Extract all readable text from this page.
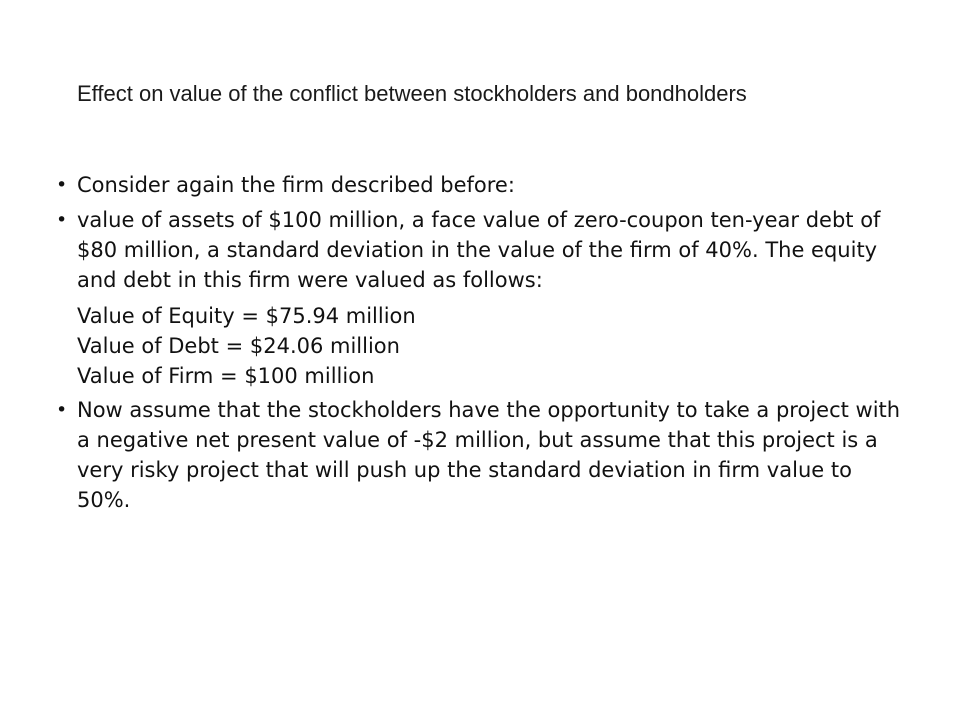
Effect on value of the conflict between stockholders and bondholders
• Consider again the firm described before:
• value of assets of $100 million, a face value of zero-coupon ten-year debt of $80 million, a standard deviation in the value of the firm of 40%. The equity and debt in this firm were valued as follows:
Value of Equity = $75.94 million
Value of Debt = $24.06 million
Value of Firm = $100 million
• Now assume that the stockholders have the opportunity to take a project with a negative net present value of -$2 million, but assume that this project is a very risky project that will push up the standard deviation in firm value to 50%.
